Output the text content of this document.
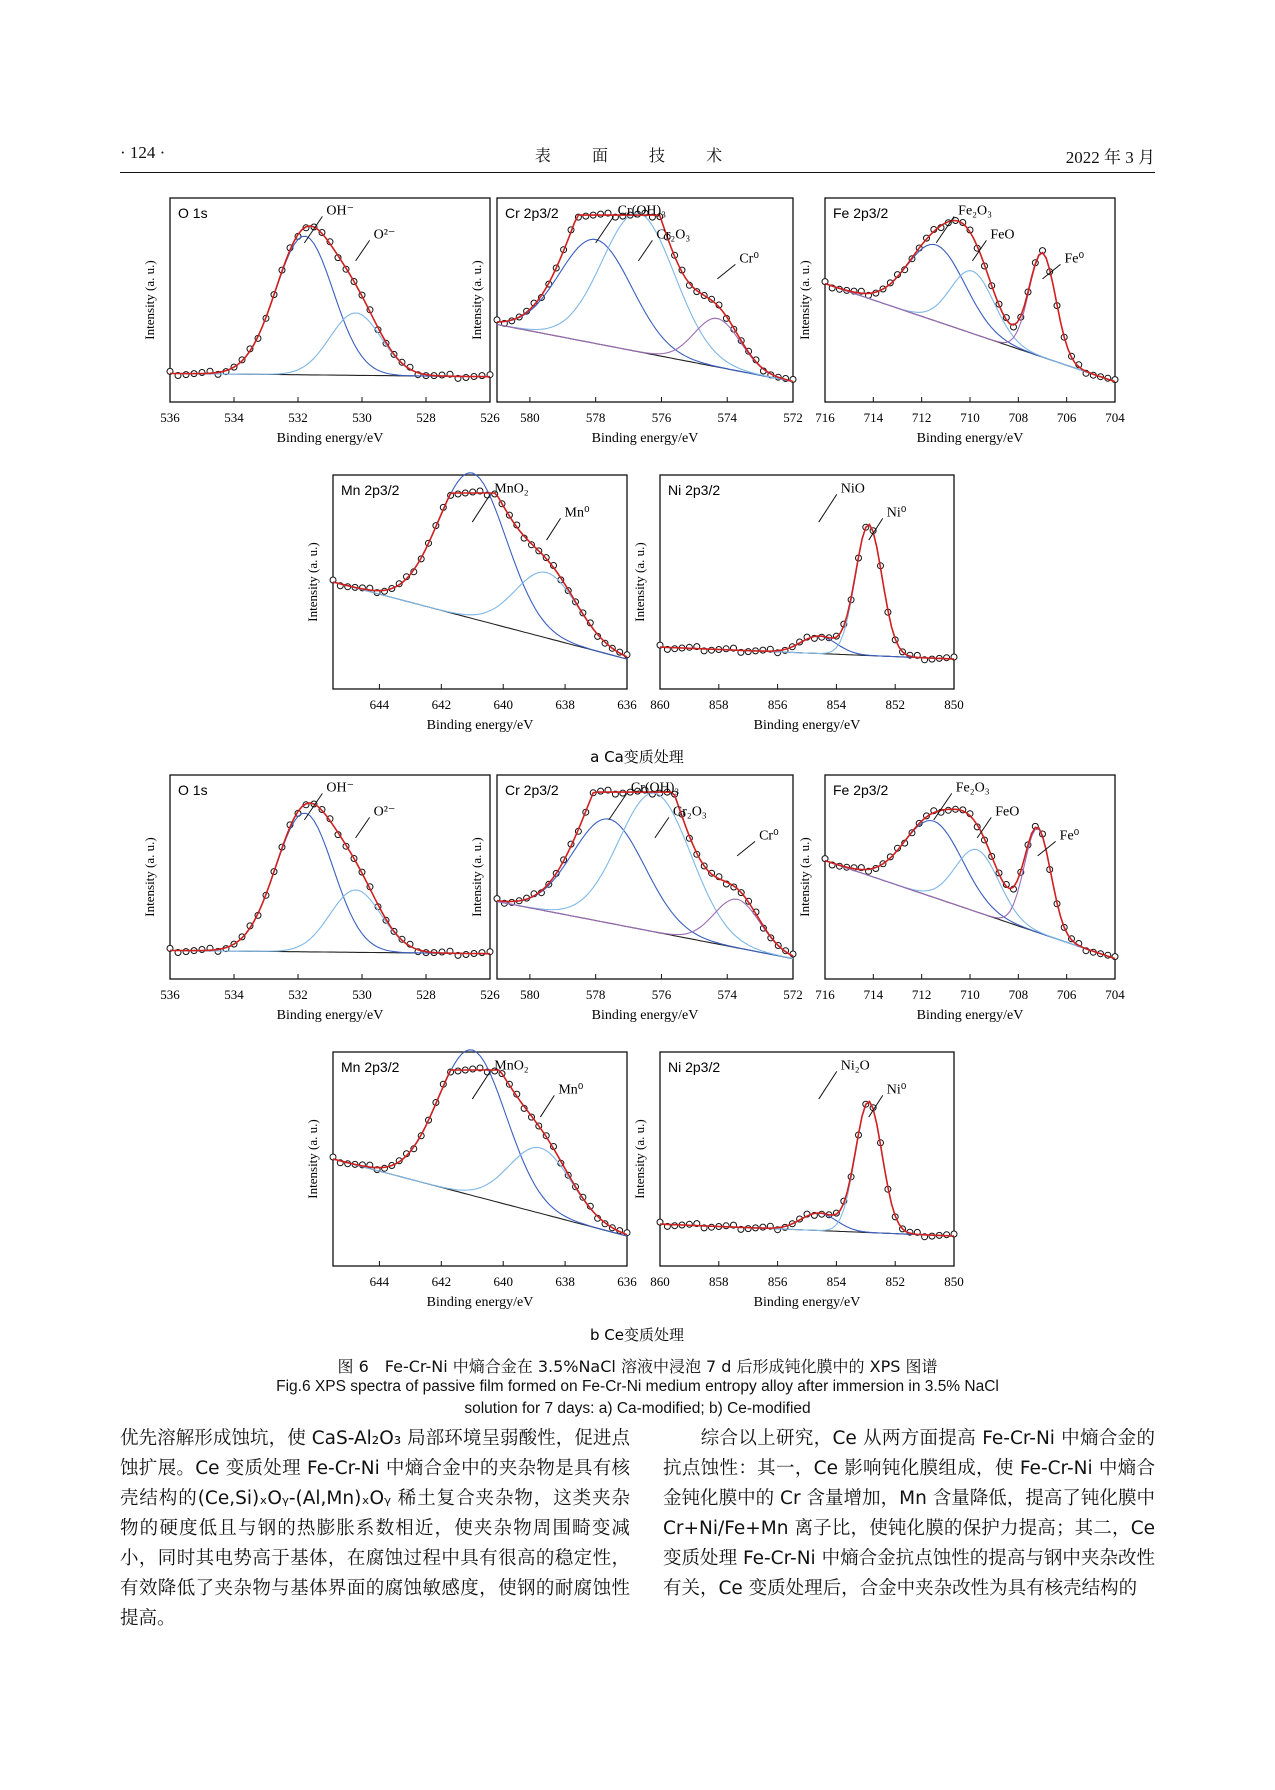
· 124 ·	表 面 技 术	2022 年 3 月
O 1s
Intensity (a. u.)
Binding energy/eV
536	534	532	530	528	526
OH⁻
O²⁻
Cr 2p3/2
Intensity (a. u.)
Binding energy/eV
580	578	576	574	572
Cr(OH)₃
Cr₂O₃
Cr⁰
Fe 2p3/2
Intensity (a. u.)
Binding energy/eV
716 714 712 710 708 706 704
Fe₂O₃
FeO
Fe⁰
Mn 2p3/2
Intensity (a. u.)
Binding energy/eV
644	642	640	638	636
MnO₂
Mn⁰
Ni 2p3/2
Intensity (a. u.)
Binding energy/eV
860	858	856	854	852	850
NiO
Ni⁰
O 1s
Intensity (a. u.)
Binding energy/eV
536	534	532	530	528	526
OH⁻
O²⁻
Cr 2p3/2
Intensity (a. u.)
Binding energy/eV
580	578	576	574	572
Cr(OH)₃
Cr₂O₃
Cr⁰
Fe 2p3/2
Intensity (a. u.)
Binding energy/eV
716 714 712 710 708 706 704
Fe₂O₃
FeO
Fe⁰
Mn 2p3/2
Intensity (a. u.)
Binding energy/eV
644	642	640	638	636
MnO₂
Mn⁰
Ni 2p3/2
Intensity (a. u.)
Binding energy/eV
860	858	856	854	852	850
Ni₂O
Ni⁰
a Ca变质处理
b Ce变质处理
图 6　Fe-Cr-Ni 中熵合金在 3.5%NaCl 溶液中浸泡 7 d 后形成钝化膜中的 XPS 图谱
Fig.6 XPS spectra of passive film formed on Fe-Cr-Ni medium entropy alloy after immersion in 3.5% NaCl
solution for 7 days: a) Ca-modified; b) Ce-modified
优先溶解形成蚀坑，使 CaS-Al₂O₃ 局部环境呈弱酸性，促进点蚀扩展。Ce 变质处理 Fe-Cr-Ni 中熵合金中的夹杂物是具有核壳结构的(Ce,Si)ₓOᵧ-(Al,Mn)ₓOᵧ 稀土复合夹杂物，这类夹杂物的硬度低且与钢的热膨胀系数相近，使夹杂物周围畸变减小，同时其电势高于基体，在腐蚀过程中具有很高的稳定性，有效降低了夹杂物与基体界面的腐蚀敏感度，使钢的耐腐蚀性提高。
　　综合以上研究，Ce 从两方面提高 Fe-Cr-Ni 中熵合金的抗点蚀性：其一，Ce 影响钝化膜组成，使 Fe-Cr-Ni 中熵合金钝化膜中的 Cr 含量增加，Mn 含量降低，提高了钝化膜中 Cr+Ni/Fe+Mn 离子比，使钝化膜的保护力提高；其二，Ce 变质处理 Fe-Cr-Ni 中熵合金抗点蚀性的提高与钢中夹杂改性有关，Ce 变质处理后，合金中夹杂改性为具有核壳结构的
